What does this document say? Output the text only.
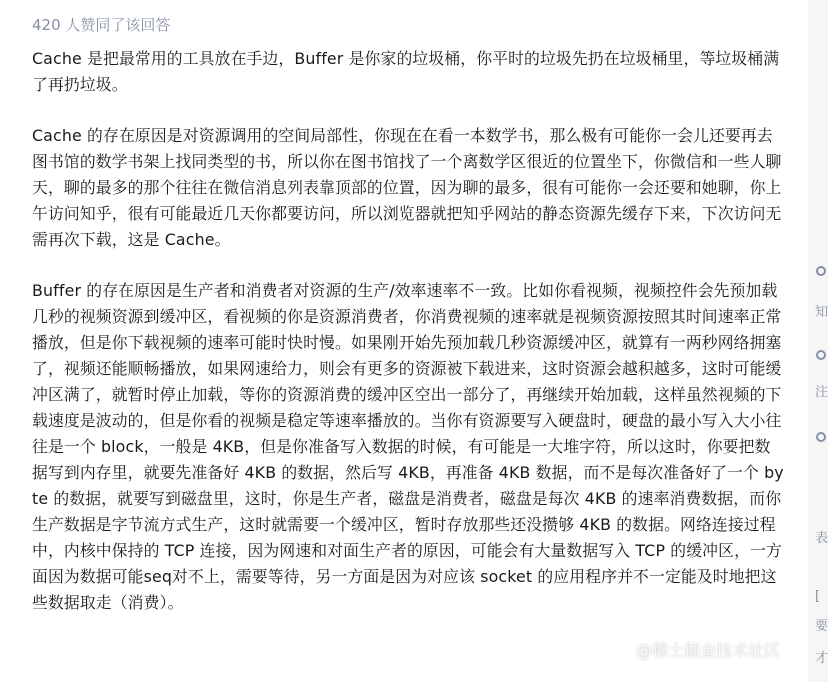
420 人赞同了该回答

Cache 是把最常用的工具放在手边，Buffer 是你家的垃圾桶，你平时的垃圾先扔在垃圾桶里，等垃圾桶满了再扔垃圾。

Cache 的存在原因是对资源调用的空间局部性，你现在在看一本数学书，那么极有可能你一会儿还要再去图书馆的数学书架上找同类型的书，所以你在图书馆找了一个离数学区很近的位置坐下，你微信和一些人聊天，聊的最多的那个往往在微信消息列表靠顶部的位置，因为聊的最多，很有可能你一会还要和她聊，你上午访问知乎，很有可能最近几天你都要访问，所以浏览器就把知乎网站的静态资源先缓存下来，下次访问无需再次下载，这是 Cache。

Buffer 的存在原因是生产者和消费者对资源的生产/效率速率不一致。比如你看视频，视频控件会先预加载几秒的视频资源到缓冲区，看视频的你是资源消费者，你消费视频的速率就是视频资源按照其时间速率正常播放，但是你下载视频的速率可能时快时慢。如果刚开始先预加载几秒资源缓冲区，就算有一两秒网络拥塞了，视频还能顺畅播放，如果网速给力，则会有更多的资源被下载进来，这时资源会越积越多，这时可能缓冲区满了，就暂时停止加载，等你的资源消费的缓冲区空出一部分了，再继续开始加载，这样虽然视频的下载速度是波动的，但是你看的视频是稳定等速率播放的。当你有资源要写入硬盘时，硬盘的最小写入大小往往是一个 block，一般是 4KB，但是你准备写入数据的时候，有可能是一大堆字符，所以这时，你要把数据写到内存里，就要先准备好 4KB 的数据，然后写 4KB，再准备 4KB 数据，而不是每次准备好了一个 byte 的数据，就要写到磁盘里，这时，你是生产者，磁盘是消费者，磁盘是每次 4KB 的速率消费数据，而你生产数据是字节流方式生产，这时就需要一个缓冲区，暂时存放那些还没攒够 4KB 的数据。网络连接过程中，内核中保持的 TCP 连接，因为网速和对面生产者的原因，可能会有大量数据写入 TCP 的缓冲区，一方面因为数据可能seq对不上，需要等待，另一方面是因为对应该 socket 的应用程序并不一定能及时地把这些数据取走（消费）。

知
注
表
[
要
才
@稀土掘金技术社区
